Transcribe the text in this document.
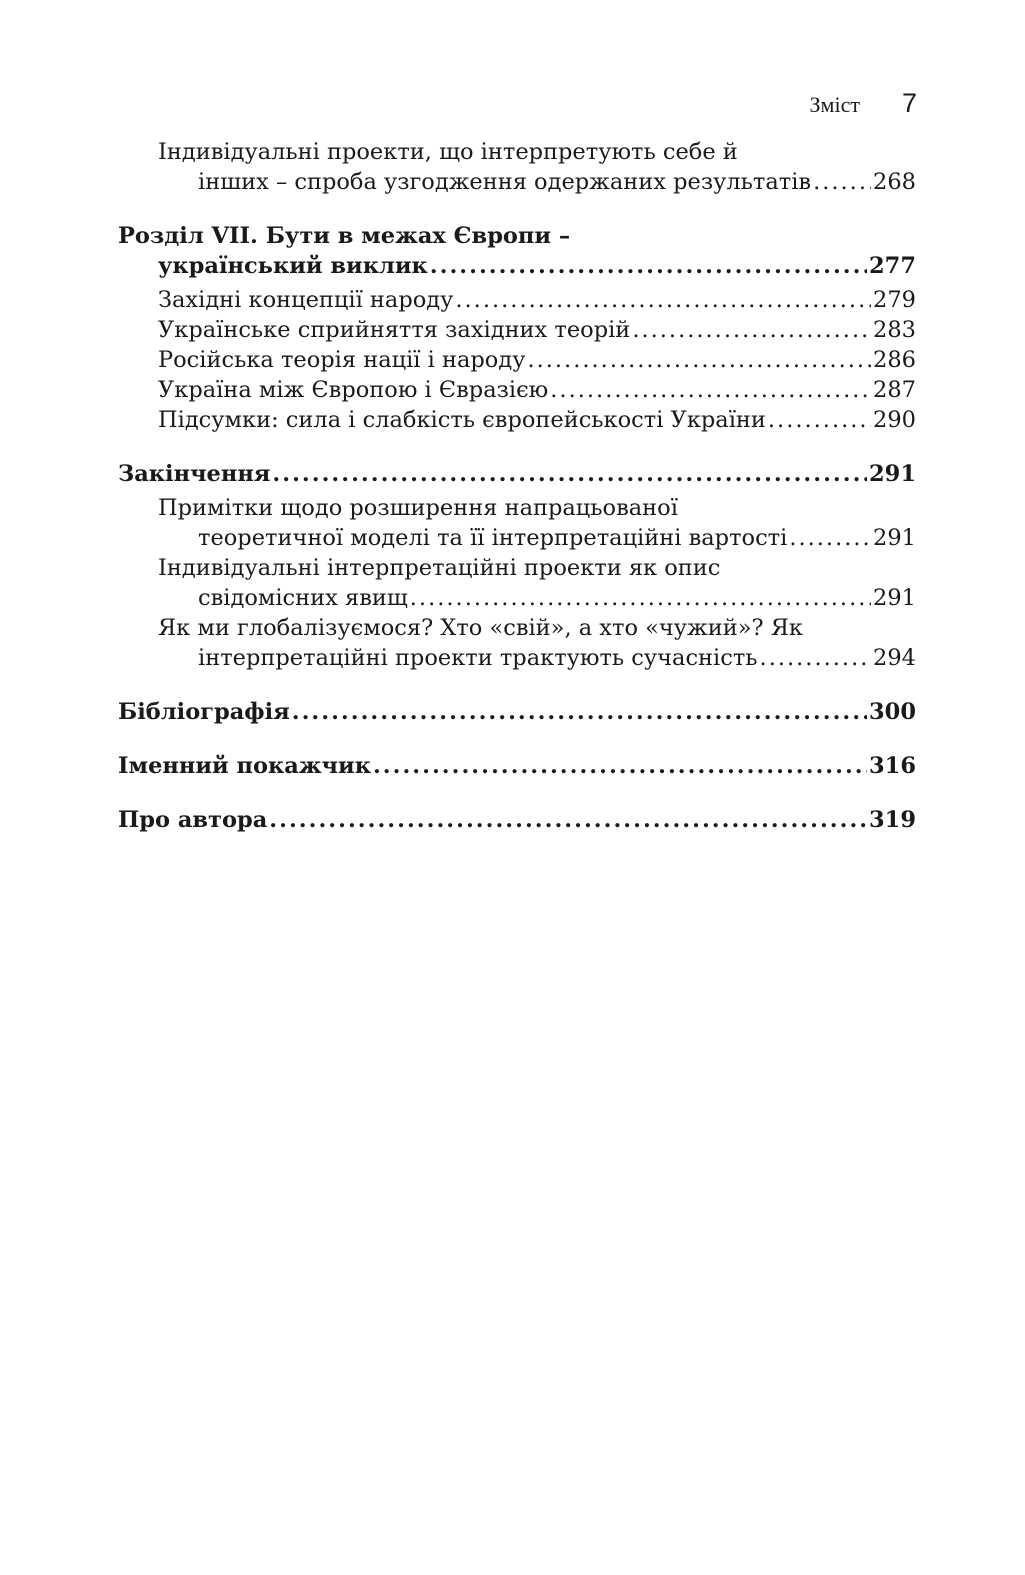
Зміст 7
Індивідуальні проекти, що інтерпретують себе й
інших – спроба узгодження одержаних результатів .....	268
Розділ VII. Бути в межах Європи –
український виклик .....	277
Західні концепції народу .....	279
Українське сприйняття західних теорій .....	283
Російська теорія нації і народу .....	286
Україна між Європою і Євразією .....	287
Підсумки: сила і слабкість європейськості України .....	290
Закінчення .....	291
Примітки щодо розширення напрацьованої
теоретичної моделі та її інтерпретаційні вартості .....	291
Індивідуальні інтерпретаційні проекти як опис
свідомісних явищ .....	291
Як ми глобалізуємося? Хто «свій», а хто «чужий»? Як
інтерпретаційні проекти трактують сучасність .....	294
Бібліографія .....	300
Іменний покажчик .....	316
Про автора .....	319
